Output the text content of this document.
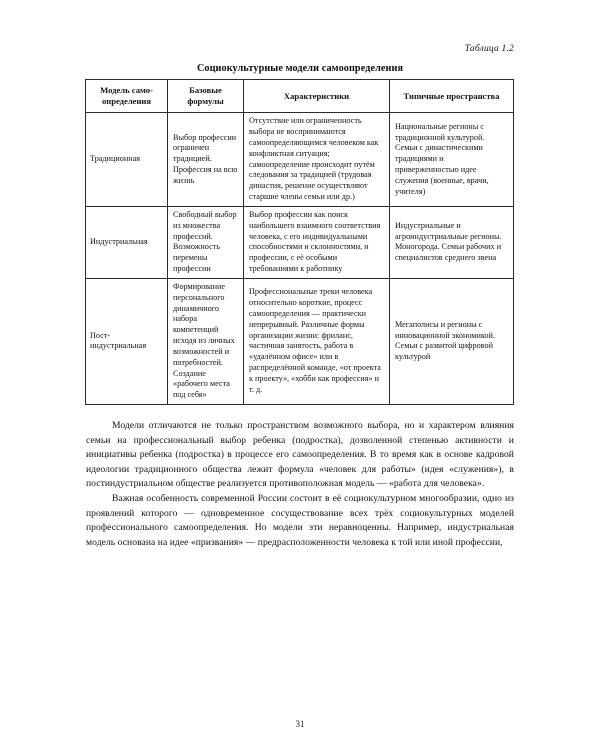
Таблица 1.2
Социокультурные модели самоопределения
Модель само-определения	Базовые формулы	Характеристики	Типичные пространства
Традиционная	Выбор профессии ограничен традицией. Профессия на всю жизнь	Отсутствие или ограниченность выбора не воспринимаются самоопределяющимся человеком как конфликтная ситуация; самоопределение происходит путём следования за традицией (трудовая династия, решение осуществляют старшие члены семьи или др.)	Национальные регионы с традиционной культурой. Семьи с династическими традициями и приверженностью идее служения (военные, врачи, учителя)
Индустриальная	Свободный выбор из множества профессий. Возможность перемены профессии	Выбор профессии как поиск наибольшего взаимного соответствия человека, с его индивидуальными способностями и склонностями, и профессии, с её особыми требованиями к работнику	Индустриальные и агроиндустриальные регионы. Моногорода. Семьи рабочих и специалистов среднего звена
Пост-индустриальная	Формирование персонального динамичного набора компетенций исходя из личных возможностей и потребностей. Создание «рабочего места под себя»	Профессиональные треки человека относительно короткие, процесс самоопределения — практически непрерывный. Различные формы организации жизни: фриланс, частичная занятость, работа в «удалённом офисе» или в распределённой команде, «от проекта к проекту», «хобби как профессия» и т. д.	Мегаполисы и регионы с инновационной экономикой. Семьи с развитой цифровой культурой

Модели отличаются не только пространством возможного выбора, но и характером влияния семьи на профессиональный выбор ребенка (подростка), дозволенной степенью активности и инициативы ребенка (подростка) в процессе его самоопределения. В то время как в основе кадровой идеологии традиционного общества лежит формула «человек для работы» (идея «служения»), в постиндустриальном обществе реализуется противоположная модель — «работа для человека».

Важная особенность современной России состоит в её социокультурном многообразии, одно из проявлений которого — одновременное сосуществование всех трёх социокультурных моделей профессионального самоопределения. Но модели эти неравноценны. Например, индустриальная модель основана на идее «призвания» — предрасположенности человека к той или иной профессии,

31
